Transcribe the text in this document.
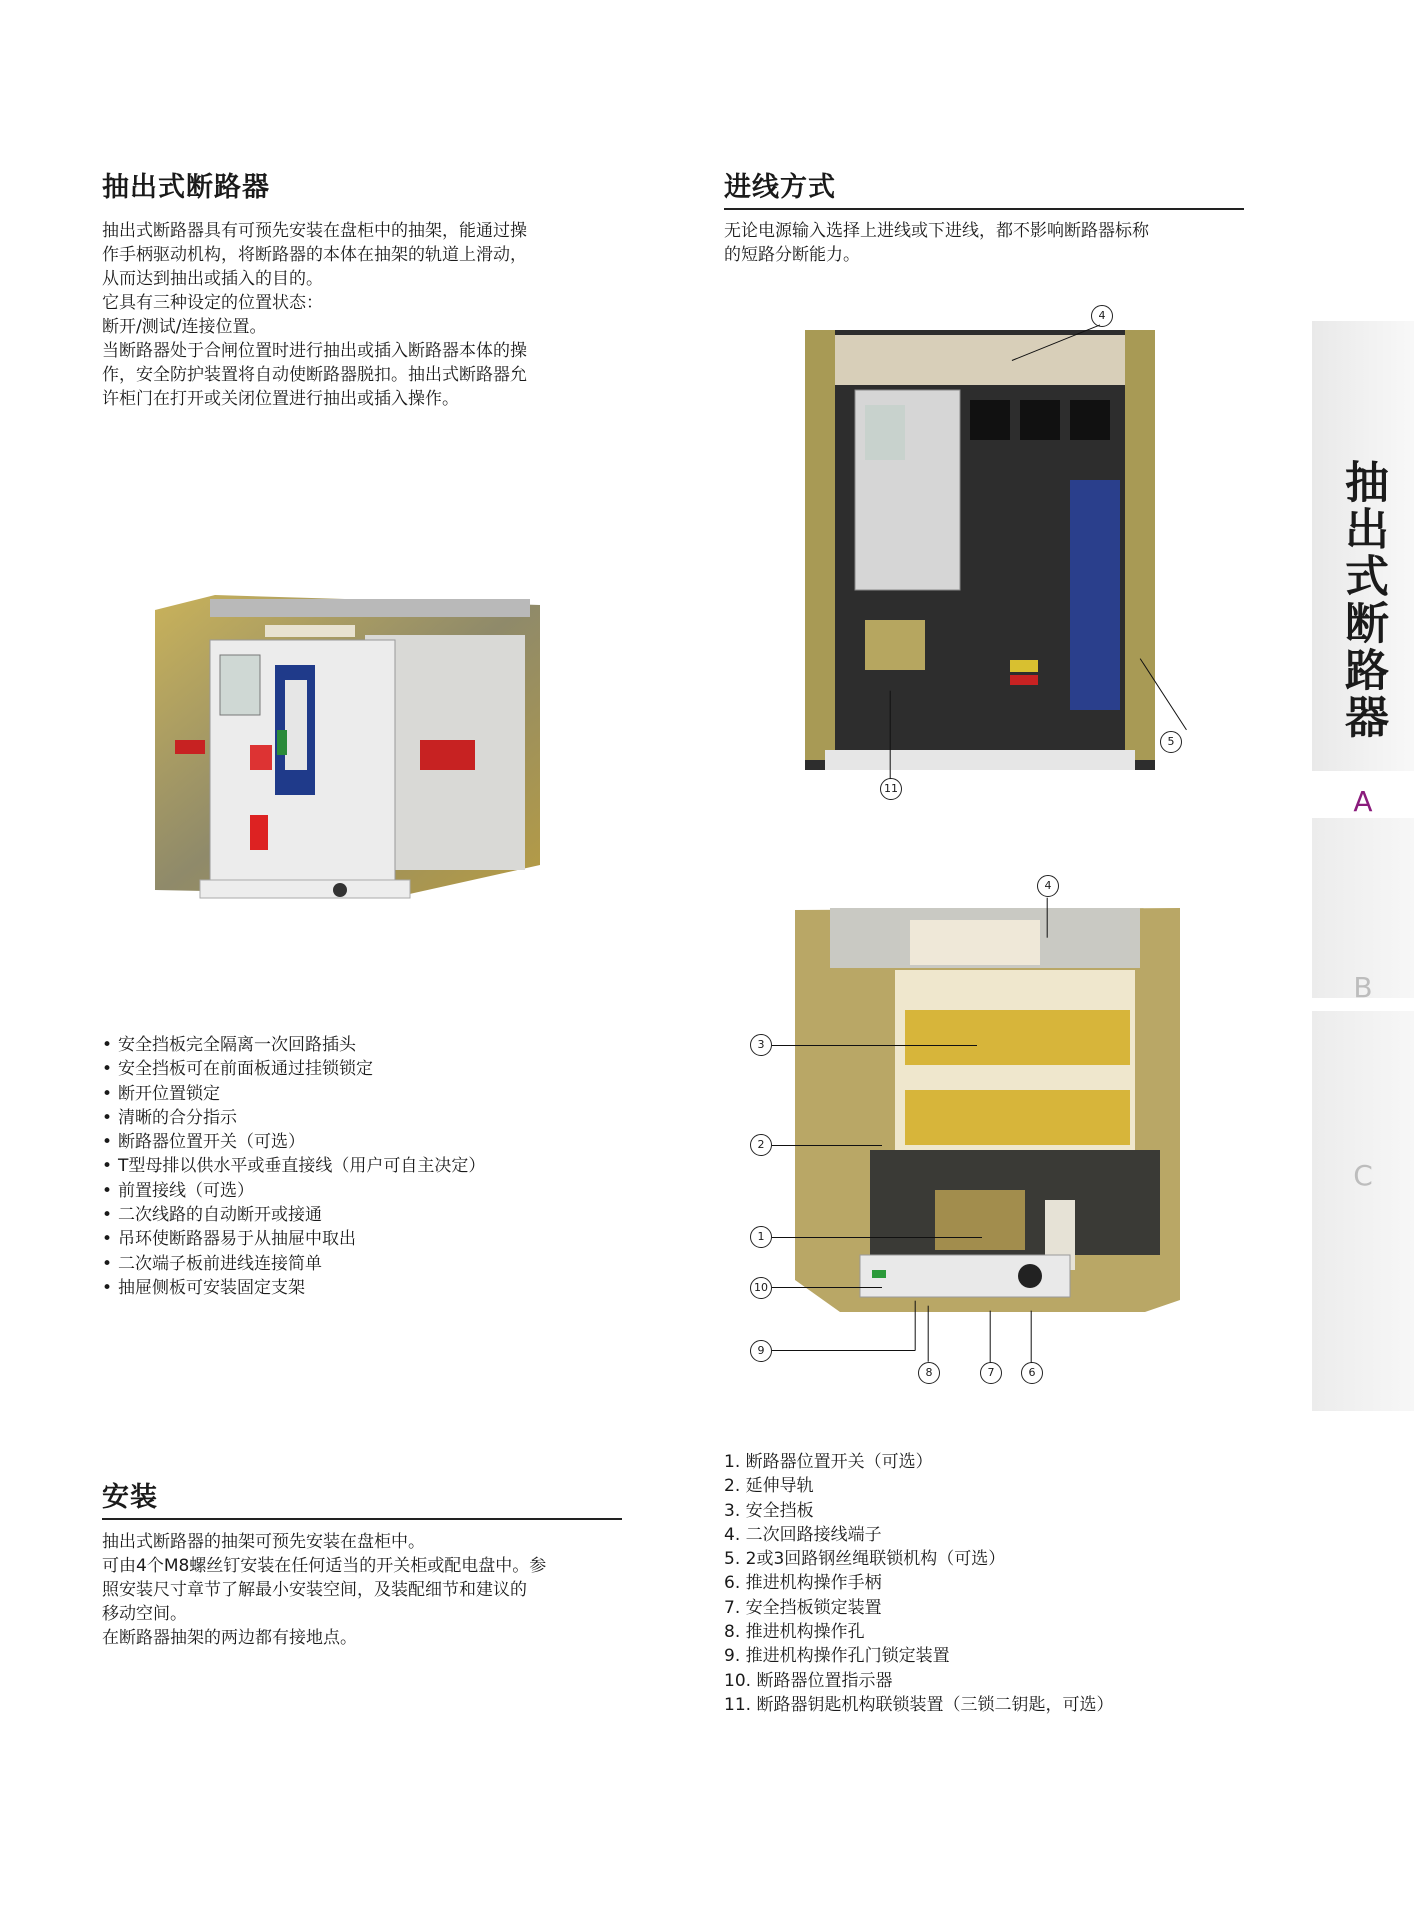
抽出式断路器

抽出式断路器具有可预先安装在盘柜中的抽架，能通过操
作手柄驱动机构，将断路器的本体在抽架的轨道上滑动，
从而达到抽出或插入的目的。
它具有三种设定的位置状态：
断开/测试/连接位置。
当断路器处于合闸位置时进行抽出或插入断路器本体的操
作，安全防护装置将自动使断路器脱扣。抽出式断路器允
许柜门在打开或关闭位置进行抽出或插入操作。

• 安全挡板完全隔离一次回路插头
• 安全挡板可在前面板通过挂锁锁定
• 断开位置锁定
• 清晰的合分指示
• 断路器位置开关（可选）
• T型母排以供水平或垂直接线（用户可自主决定）
• 前置接线（可选）
• 二次线路的自动断开或接通
• 吊环使断路器易于从抽屉中取出
• 二次端子板前进线连接简单
• 抽屉侧板可安装固定支架
安装

抽出式断路器的抽架可预先安装在盘柜中。
可由4个M8螺丝钉安装在任何适当的开关柜或配电盘中。参
照安装尺寸章节了解最小安装空间，及装配细节和建议的
移动空间。
在断路器抽架的两边都有接地点。

进线方式

无论电源输入选择上进线或下进线，都不影响断路器标称
的短路分断能力。

4
5
11
4
3
2
1
10
9
8	7	6
1. 断路器位置开关（可选）
2. 延伸导轨
3. 安全挡板
4. 二次回路接线端子
5. 2或3回路钢丝绳联锁机构（可选）
6. 推进机构操作手柄
7. 安全挡板锁定装置
8. 推进机构操作孔
9. 推进机构操作孔门锁定装置
10. 断路器位置指示器
11. 断路器钥匙机构联锁装置（三锁二钥匙，可选）
抽出式断路器
A
B
C
